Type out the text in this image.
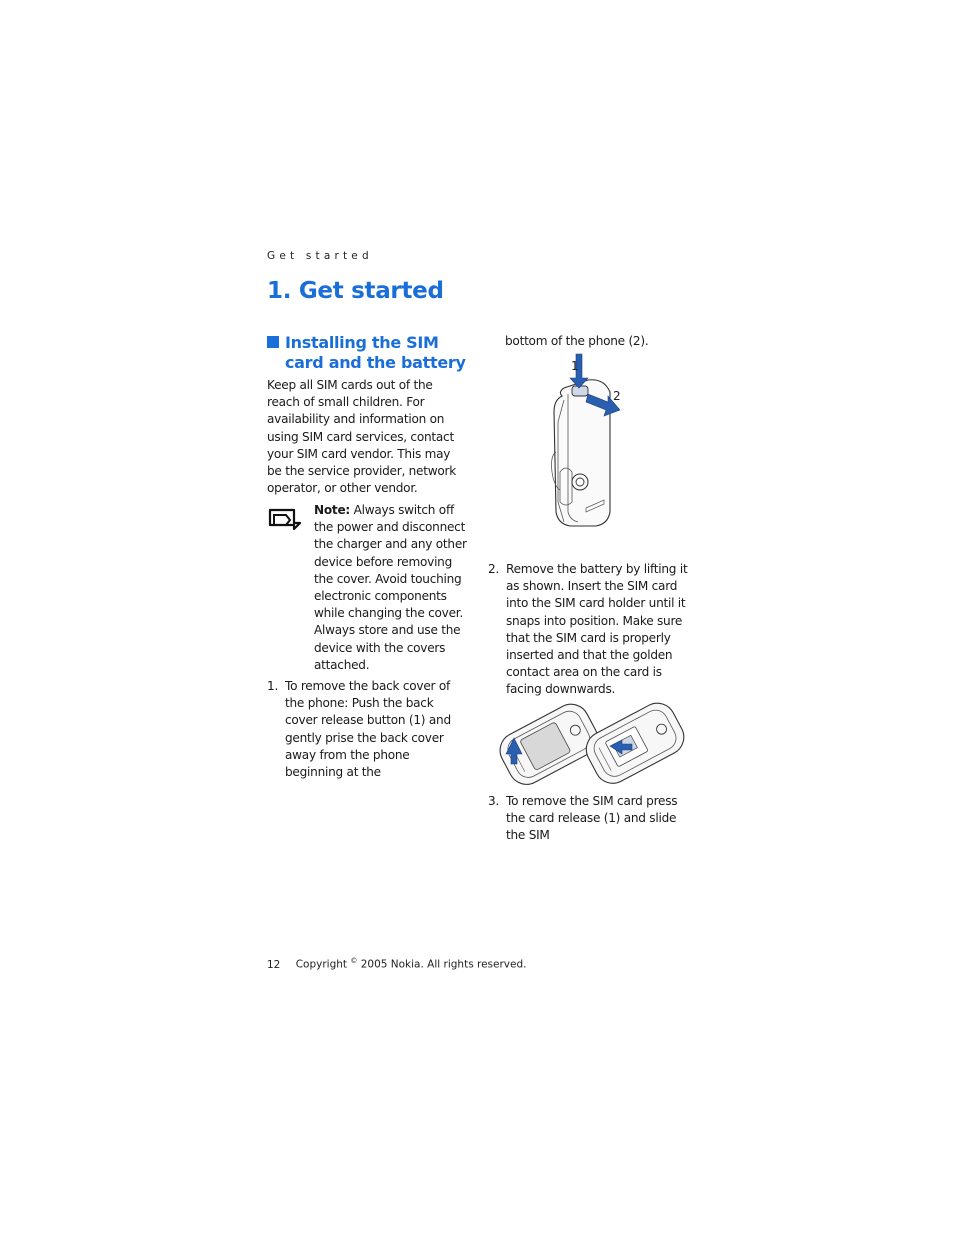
Get started
1. Get started
Installing the SIM card and the battery

Keep all SIM cards out of the reach of small children. For availability and information on using SIM card services, contact your SIM card vendor. This may be the service provider, network operator, or other vendor.

Note: Always switch off the power and disconnect the charger and any other device before removing the cover. Avoid touching electronic components while changing the cover. Always store and use the device with the covers attached.

1. To remove the back cover of the phone: Push the back cover release button (1) and gently prise the back cover away from the phone beginning at the

bottom of the phone (2).

1
2
2. Remove the battery by lifting it as shown. Insert the SIM card into the SIM card holder until it snaps into position. Make sure that the SIM card is properly inserted and that the golden contact area on the card is facing downwards.
3. To remove the SIM card press the card release (1) and slide the SIM
12 Copyright © 2005 Nokia. All rights reserved.
